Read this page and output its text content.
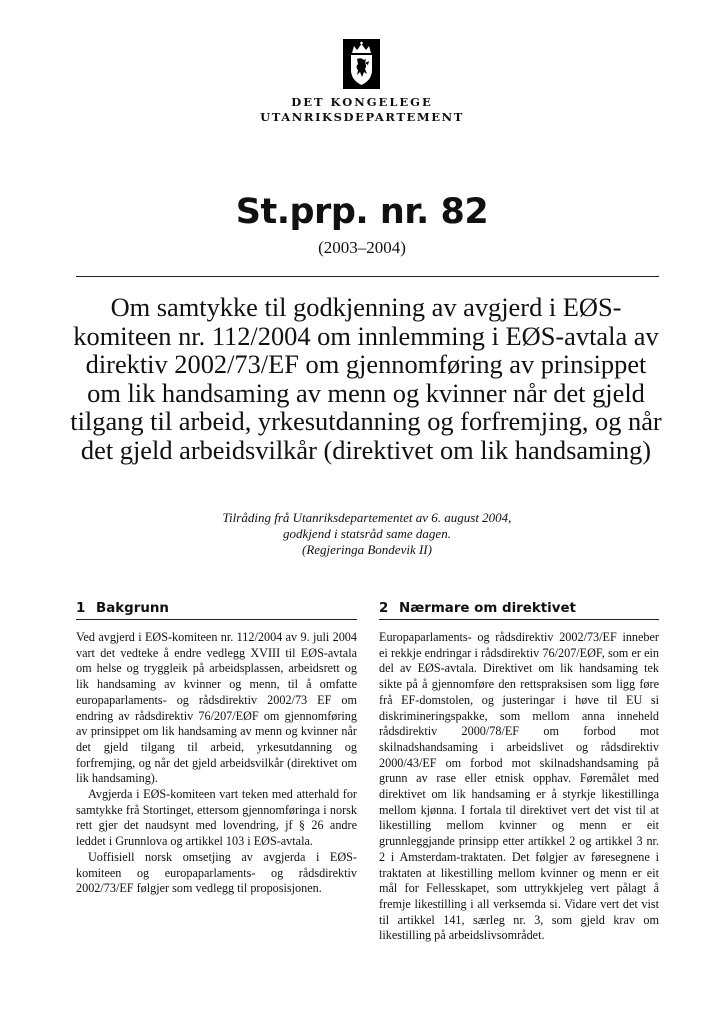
DET KONGELEGE
UTANRIKSDEPARTEMENT
St.prp. nr. 82
(2003–2004)
Om samtykke til godkjenning av avgjerd i EØS-komiteen nr. 112/2004 om innlemming i EØS-avtala av direktiv 2002/73/EF om gjennomføring av prinsippet om lik handsaming av menn og kvinner når det gjeld tilgang til arbeid, yrkesutdanning og forfremjing, og når det gjeld arbeidsvilkår (direktivet om lik handsaming)
Tilråding frå Utanriksdepartementet av 6. august 2004,
godkjend i statsråd same dagen.
(Regjeringa Bondevik II)
1 Bakgrunn

Ved avgjerd i EØS-komiteen nr. 112/2004 av 9. juli 2004 vart det vedteke å endre vedlegg XVIII til EØS-avtala om helse og tryggleik på arbeidsplassen, arbeidsrett og lik handsaming av kvinner og menn, til å omfatte europaparlaments- og rådsdirektiv 2002/73 EF om endring av rådsdirektiv 76/207/EØF om gjennomføring av prinsippet om lik handsaming av menn og kvinner når det gjeld tilgang til arbeid, yrkesutdanning og forfremjing, og når det gjeld arbeidsvilkår (direktivet om lik handsaming).

Avgjerda i EØS-komiteen vart teken med atterhald for samtykke frå Stortinget, ettersom gjennomføringa i norsk rett gjer det naudsynt med lovendring, jf § 26 andre leddet i Grunnlova og artikkel 103 i EØS-avtala.

Uoffisiell norsk omsetjing av avgjerda i EØS-komiteen og europaparlaments- og rådsdirektiv 2002/73/EF følgjer som vedlegg til proposisjonen.

2 Nærmare om direktivet

Europaparlaments- og rådsdirektiv 2002/73/EF inneber ei rekkje endringar i rådsdirektiv 76/207/EØF, som er ein del av EØS-avtala. Direktivet om lik handsaming tek sikte på å gjennomføre den rettspraksisen som ligg føre frå EF-domstolen, og justeringar i høve til EU si diskrimineringspakke, som mellom anna inneheld rådsdirektiv 2000/78/EF om forbod mot skilnadshandsaming i arbeidslivet og rådsdirektiv 2000/43/EF om forbod mot skilnadshandsaming på grunn av rase eller etnisk opphav. Føremålet med direktivet om lik handsaming er å styrkje likestillinga mellom kjønna. I fortala til direktivet vert det vist til at likestilling mellom kvinner og menn er eit grunnleggjande prinsipp etter artikkel 2 og artikkel 3 nr. 2 i Amsterdam-traktaten. Det følgjer av føresegnene i traktaten at likestilling mellom kvinner og menn er eit mål for Fellesskapet, som uttrykkjeleg vert pålagt å fremje likestilling i all verksemda si. Vidare vert det vist til artikkel 141, særleg nr. 3, som gjeld krav om likestilling på arbeidslivsområdet.
